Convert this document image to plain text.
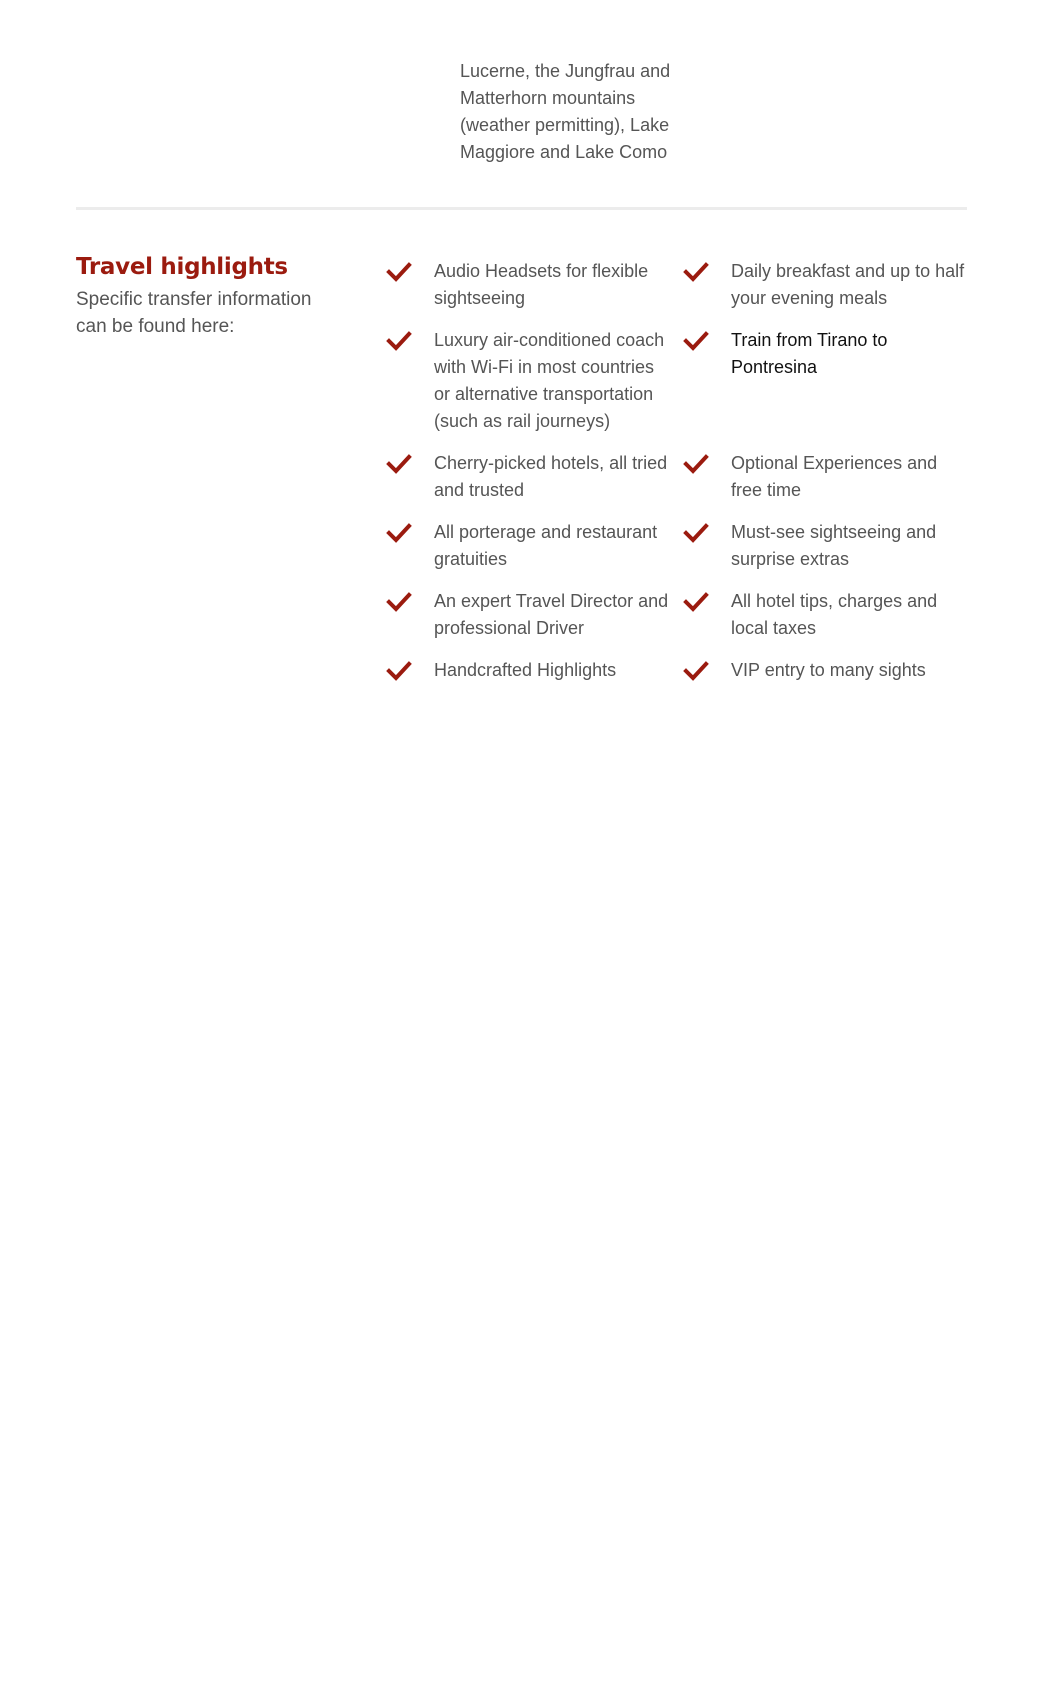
Lucerne, the Jungfrau and Matterhorn mountains (weather permitting), Lake Maggiore and Lake Como

Travel highlights

Specific transfer information can be found here:

Audio Headsets for flexible sightseeing
Daily breakfast and up to half your evening meals
Luxury air-conditioned coach with Wi-Fi in most countries or alternative transportation (such as rail journeys)
Train from Tirano to Pontresina
Cherry-picked hotels, all tried and trusted
Optional Experiences and free time
All porterage and restaurant gratuities
Must-see sightseeing and surprise extras
An expert Travel Director and professional Driver
All hotel tips, charges and local taxes
Handcrafted Highlights	VIP entry to many sights
